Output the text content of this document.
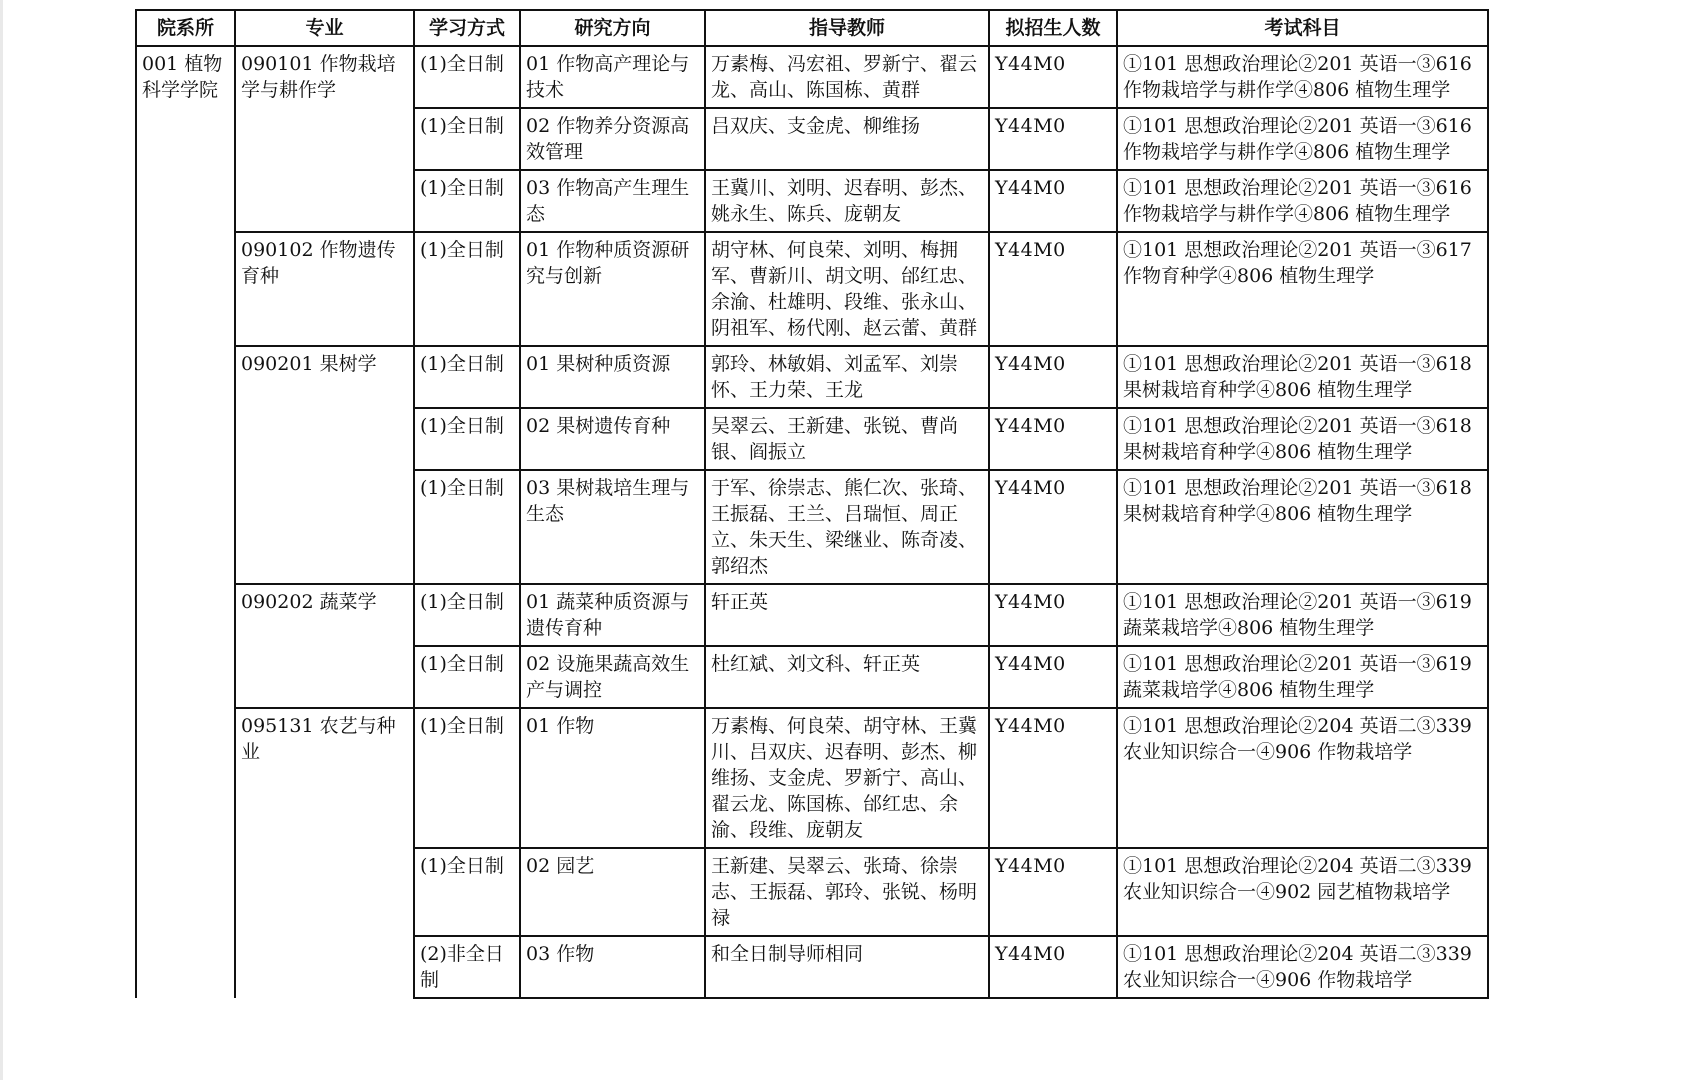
院系所	专业	学习方式	研究方向	指导教师	拟招生人数	考试科目
001 植物科学学院	090101 作物栽培学与耕作学	(1)全日制	01 作物高产理论与技术	万素梅、冯宏祖、罗新宁、翟云龙、高山、陈国栋、黄群	Y44M0	①101 思想政治理论②201 英语一③616 作物栽培学与耕作学④806 植物生理学
		(1)全日制	02 作物养分资源高效管理	吕双庆、支金虎、柳维扬	Y44M0	①101 思想政治理论②201 英语一③616 作物栽培学与耕作学④806 植物生理学
		(1)全日制	03 作物高产生理生态	王冀川、刘明、迟春明、彭杰、姚永生、陈兵、庞朝友	Y44M0	①101 思想政治理论②201 英语一③616 作物栽培学与耕作学④806 植物生理学
	090102 作物遗传育种	(1)全日制	01 作物种质资源研究与创新	胡守林、何良荣、刘明、梅拥军、曹新川、胡文明、邰红忠、余渝、杜雄明、段维、张永山、阴祖军、杨代刚、赵云蕾、黄群	Y44M0	①101 思想政治理论②201 英语一③617 作物育种学④806 植物生理学
	090201 果树学	(1)全日制	01 果树种质资源	郭玲、林敏娟、刘孟军、刘崇怀、王力荣、王龙	Y44M0	①101 思想政治理论②201 英语一③618 果树栽培育种学④806 植物生理学
		(1)全日制	02 果树遗传育种	吴翠云、王新建、张锐、曹尚银、阎振立	Y44M0	①101 思想政治理论②201 英语一③618 果树栽培育种学④806 植物生理学
		(1)全日制	03 果树栽培生理与生态	于军、徐崇志、熊仁次、张琦、王振磊、王兰、吕瑞恒、周正立、朱天生、梁继业、陈奇凌、郭绍杰	Y44M0	①101 思想政治理论②201 英语一③618 果树栽培育种学④806 植物生理学
	090202 蔬菜学	(1)全日制	01 蔬菜种质资源与遗传育种	轩正英	Y44M0	①101 思想政治理论②201 英语一③619 蔬菜栽培学④806 植物生理学
		(1)全日制	02 设施果蔬高效生产与调控	杜红斌、刘文科、轩正英	Y44M0	①101 思想政治理论②201 英语一③619 蔬菜栽培学④806 植物生理学
	095131 农艺与种业	(1)全日制	01 作物	万素梅、何良荣、胡守林、王冀川、吕双庆、迟春明、彭杰、柳维扬、支金虎、罗新宁、高山、翟云龙、陈国栋、邰红忠、余渝、段维、庞朝友	Y44M0	①101 思想政治理论②204 英语二③339 农业知识综合一④906 作物栽培学
		(1)全日制	02 园艺	王新建、吴翠云、张琦、徐崇志、王振磊、郭玲、张锐、杨明禄	Y44M0	①101 思想政治理论②204 英语二③339 农业知识综合一④902 园艺植物栽培学
		(2)非全日制	03 作物	和全日制导师相同	Y44M0	①101 思想政治理论②204 英语二③339 农业知识综合一④906 作物栽培学
